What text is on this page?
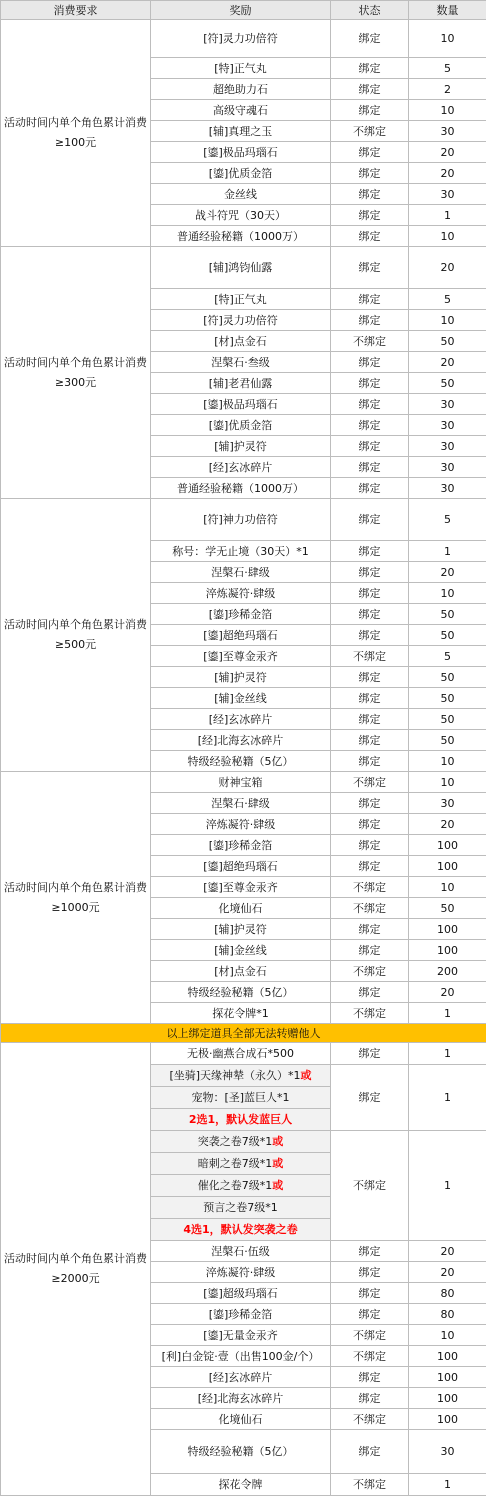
消费要求	奖励	状态	数量
活动时间内单个角色累计消费
≥100元	[符]灵力功倍符	绑定	10
	[特]正气丸	绑定	5
	超绝助力石	绑定	2
	高级守魂石	绑定	10
	[辅]真理之玉	不绑定	30
	[鎏]极品玛瑙石	绑定	20
	[鎏]优质金箔	绑定	20
	金丝线	绑定	30
	战斗符咒（30天）	绑定	1
	普通经验秘籍（1000万）	绑定	10
活动时间内单个角色累计消费
≥300元	[辅]鸿钧仙露	绑定	20
	[特]正气丸	绑定	5
	[符]灵力功倍符	绑定	10
	[材]点金石	不绑定	50
	涅槃石·叁级	绑定	20
	[辅]老君仙露	绑定	50
	[鎏]极品玛瑙石	绑定	30
	[鎏]优质金箔	绑定	30
	[辅]护灵符	绑定	30
	[经]玄冰碎片	绑定	30
	普通经验秘籍（1000万）	绑定	30
活动时间内单个角色累计消费
≥500元	[符]神力功倍符	绑定	5
	称号：学无止境（30天）*1	绑定	1
	涅槃石·肆级	绑定	20
	淬炼凝符·肆级	绑定	10
	[鎏]珍稀金箔	绑定	50
	[鎏]超绝玛瑙石	绑定	50
	[鎏]至尊金汞齐	不绑定	5
	[辅]护灵符	绑定	50
	[辅]金丝线	绑定	50
	[经]玄冰碎片	绑定	50
	[经]北海玄冰碎片	绑定	50
	特级经验秘籍（5亿）	绑定	10
活动时间内单个角色累计消费
≥1000元	财神宝箱	不绑定	10
	涅槃石·肆级	绑定	30
	淬炼凝符·肆级	绑定	20
	[鎏]珍稀金箔	绑定	100
	[鎏]超绝玛瑙石	绑定	100
	[鎏]至尊金汞齐	不绑定	10
	化境仙石	不绑定	50
	[辅]护灵符	绑定	100
	[辅]金丝线	绑定	100
	[材]点金石	不绑定	200
	特级经验秘籍（5亿）	绑定	20
	探花令牌*1	不绑定	1
以上绑定道具全部无法转赠他人			
活动时间内单个角色累计消费
≥2000元	无极·幽燕合成石*500	绑定	1
	[坐骑]天缘神辇（永久）*1或	绑定	1
	宠物：[圣]蓝巨人*1		
	2选1，默认发蓝巨人		
	突袭之卷7级*1或	不绑定	1
	暗刺之卷7级*1或		
	催化之卷7级*1或		
	预言之卷7级*1		
	4选1，默认发突袭之卷		
	涅槃石·伍级	绑定	20
	淬炼凝符·肆级	绑定	20
	[鎏]超级玛瑙石	绑定	80
	[鎏]珍稀金箔	绑定	80
	[鎏]无量金汞齐	不绑定	10
	[利]白金锭·壹（出售100金/个）	不绑定	100
	[经]玄冰碎片	绑定	100
	[经]北海玄冰碎片	绑定	100
	化境仙石	不绑定	100
	特级经验秘籍（5亿）	绑定	30
	探花令牌	不绑定	1
